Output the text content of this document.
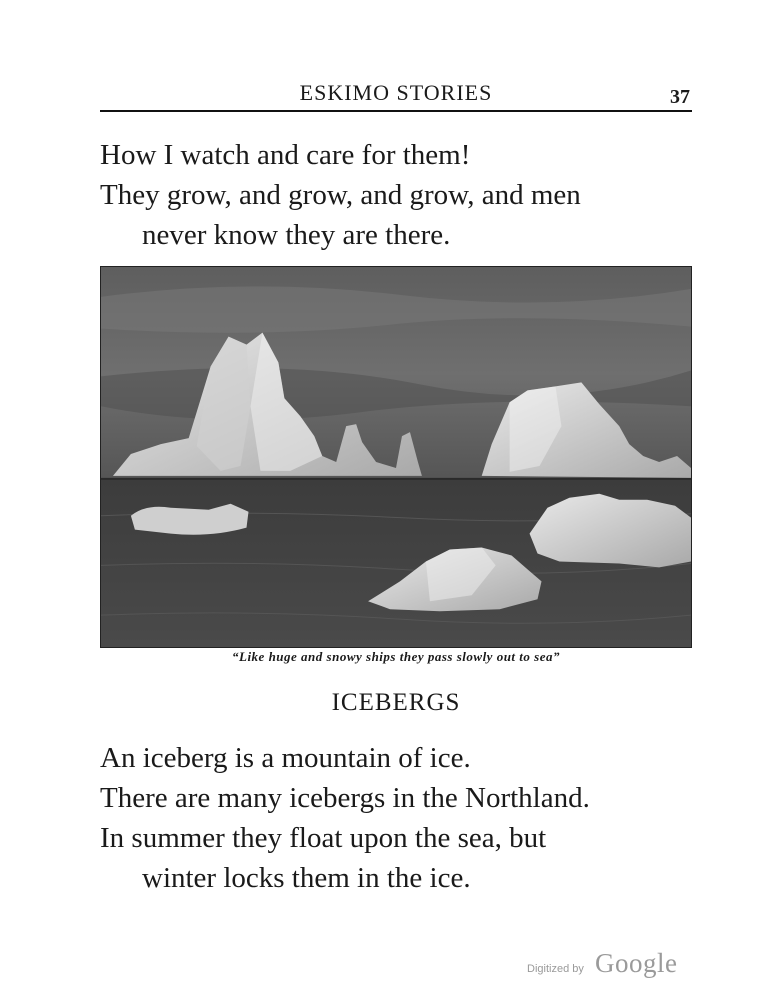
ESKIMO STORIES	37

How I watch and care for them!

They grow, and grow, and grow, and men

never know they are there.

“Like huge and snowy ships they pass slowly out to sea”
ICEBERGS

An iceberg is a mountain of ice.

There are many icebergs in the Northland.

In summer they float upon the sea, but

winter locks them in the ice.

Digitized by Google
